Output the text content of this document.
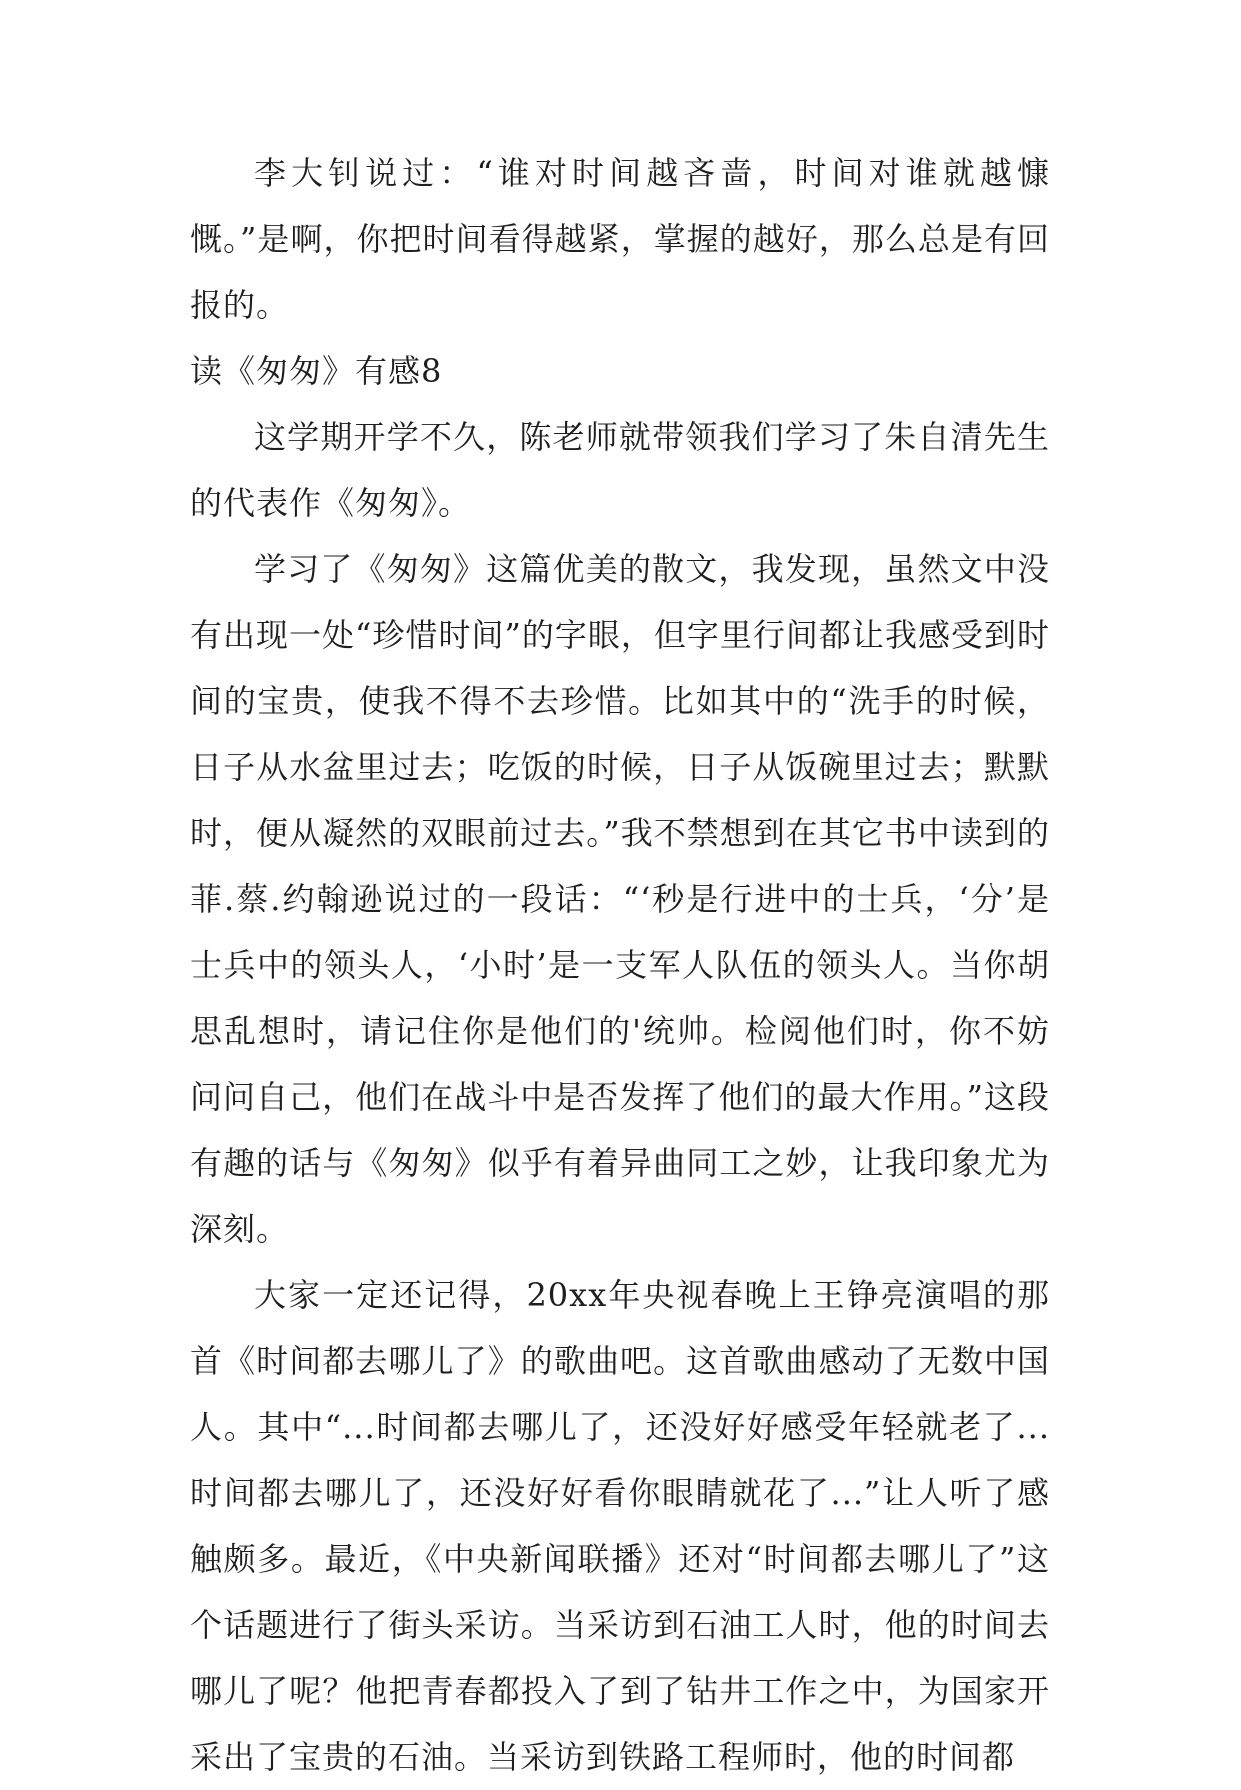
李大钊说过：“谁对时间越吝啬，时间对谁就越慷慨。”是啊，你把时间看得越紧，掌握的越好，那么总是有回报的。

读《匆匆》有感8

这学期开学不久，陈老师就带领我们学习了朱自清先生的代表作《匆匆》。

学习了《匆匆》这篇优美的散文，我发现，虽然文中没有出现一处“珍惜时间”的字眼，但字里行间都让我感受到时间的宝贵，使我不得不去珍惜。比如其中的“洗手的时候，日子从水盆里过去；吃饭的时候，日子从饭碗里过去；默默时，便从凝然的双眼前过去。”我不禁想到在其它书中读到的菲.蔡.约翰逊说过的一段话：“‘秒是行进中的士兵，‘分’是士兵中的领头人，‘小时’是一支军人队伍的领头人。当你胡思乱想时，请记住你是他们的'统帅。检阅他们时，你不妨问问自己，他们在战斗中是否发挥了他们的最大作用。”这段有趣的话与《匆匆》似乎有着异曲同工之妙，让我印象尤为深刻。

大家一定还记得，20xx年央视春晚上王铮亮演唱的那首《时间都去哪儿了》的歌曲吧。这首歌曲感动了无数中国人。其中“...时间都去哪儿了，还没好好感受年轻就老了...时间都去哪儿了，还没好好看你眼睛就花了...”让人听了感触颇多。最近，《中央新闻联播》还对“时间都去哪儿了”这个话题进行了街头采访。当采访到石油工人时，他的时间去哪儿了呢？他把青春都投入了到了钻井工作之中，为国家开采出了宝贵的石油。当采访到铁路工程师时，他的时间都
